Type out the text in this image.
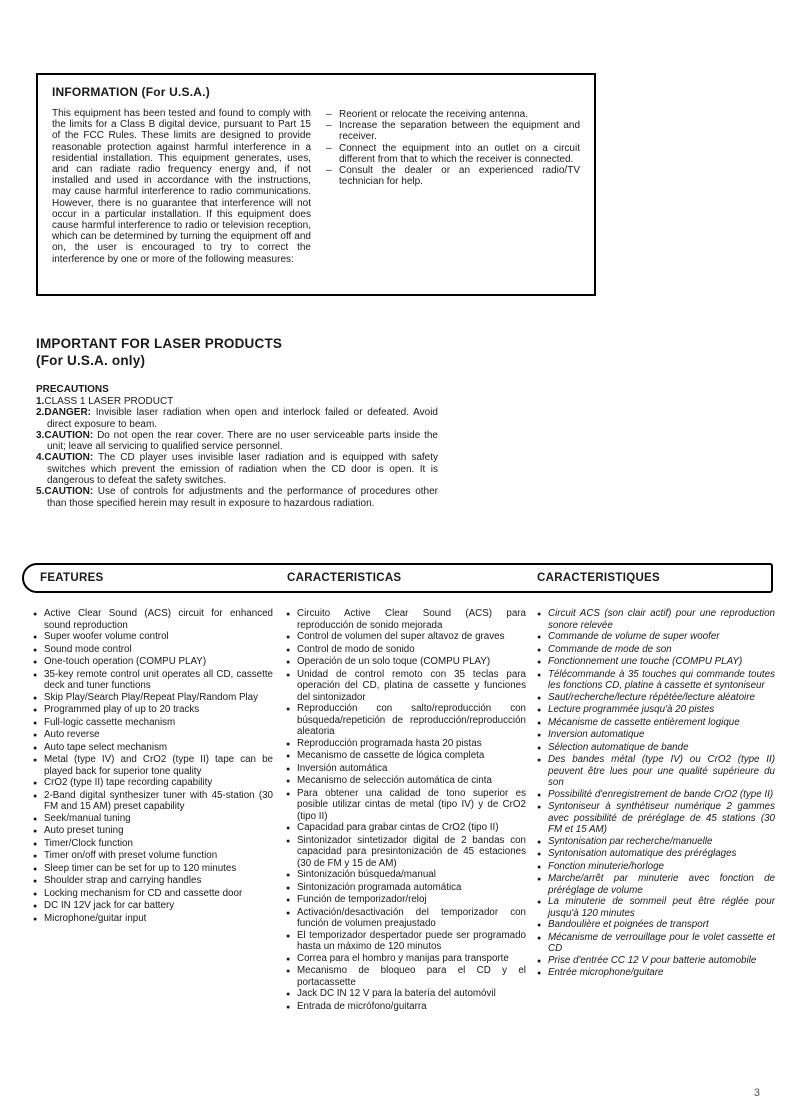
INFORMATION (For U.S.A.)

This equipment has been tested and found to comply with the limits for a Class B digital device, pursuant to Part 15 of the FCC Rules. These limits are designed to provide reasonable protection against harmful interference in a residential installation. This equipment generates, uses, and can radiate radio frequency energy and, if not installed and used in accordance with the instructions, may cause harmful interference to radio communications. However, there is no guarantee that interference will not occur in a particular installation. If this equipment does cause harmful interference to radio or television reception, which can be determined by turning the equipment off and on, the user is encouraged to try to correct the interference by one or more of the following measures:

– Reorient or relocate the receiving antenna.
– Increase the separation between the equipment and receiver.
– Connect the equipment into an outlet on a circuit different from that to which the receiver is connected.
– Consult the dealer or an experienced radio/TV technician for help.
IMPORTANT FOR LASER PRODUCTS
(For U.S.A. only)
PRECAUTIONS
1.CLASS 1 LASER PRODUCT
2.DANGER: Invisible laser radiation when open and interlock failed or defeated. Avoid direct exposure to beam.
3.CAUTION: Do not open the rear cover. There are no user serviceable parts inside the unit; leave all servicing to qualified service personnel.
4.CAUTION: The CD player uses invisible laser radiation and is equipped with safety switches which prevent the emission of radiation when the CD door is open. It is dangerous to defeat the safety switches.
5.CAUTION: Use of controls for adjustments and the performance of procedures other than those specified herein may result in exposure to hazardous radiation.
FEATURES	CARACTERISTICAS	CARACTERISTIQUES
● Active Clear Sound (ACS) circuit for enhanced sound reproduction
● Super woofer volume control
● Sound mode control
● One-touch operation (COMPU PLAY)
● 35-key remote control unit operates all CD, cassette deck and tuner functions
● Skip Play/Search Play/Repeat Play/Random Play
● Programmed play of up to 20 tracks
● Full-logic cassette mechanism
● Auto reverse
● Auto tape select mechanism
● Metal (type IV) and CrO2 (type II) tape can be played back for superior tone quality
● CrO2 (type II) tape recording capability
● 2-Band digital synthesizer tuner with 45-station (30 FM and 15 AM) preset capability
● Seek/manual tuning
● Auto preset tuning
● Timer/Clock function
● Timer on/off with preset volume function
● Sleep timer can be set for up to 120 minutes
● Shoulder strap and carrying handles
● Locking mechanism for CD and cassette door
● DC IN 12V jack for car battery
● Microphone/guitar input
● Circuito Active Clear Sound (ACS) para reproducción de sonido mejorada
● Control de volumen del super altavoz de graves
● Control de modo de sonido
● Operación de un solo toque (COMPU PLAY)
● Unidad de control remoto con 35 teclas para operación del CD, platina de cassette y funciones del sintonizador
● Reproducción con salto/reproducción con búsqueda/repetición de reproducción/reproducción aleatoria
● Reproducción programada hasta 20 pistas
● Mecanismo de cassette de lógica completa
● Inversión automática
● Mecanismo de selección automática de cinta
● Para obtener una calidad de tono superior es posible utilizar cintas de metal (tipo IV) y de CrO2 (tipo II)
● Capacidad para grabar cintas de CrO2 (tipo II)
● Sintonizador sintetizador digital de 2 bandas con capacidad para presintonización de 45 estaciones (30 de FM y 15 de AM)
● Sintonización búsqueda/manual
● Sintonización programada automática
● Función de temporizador/reloj
● Activación/desactivación del temporizador con función de volumen preajustado
● El temporizador despertador puede ser programado hasta un máximo de 120 minutos
● Correa para el hombro y manijas para transporte
● Mecanismo de bloqueo para el CD y el portacassette
● Jack DC IN 12 V para la batería del automóvil
● Entrada de micrófono/guitarra
● Circuit ACS (son clair actif) pour une reproduction sonore relevée
● Commande de volume de super woofer
● Commande de mode de son
● Fonctionnement une touche (COMPU PLAY)
● Télécommande à 35 touches qui commande toutes les fonctions CD, platine à cassette et syntoniseur
● Saut/recherche/lecture répétée/lecture aléatoire
● Lecture programmée jusqu'à 20 pistes
● Mécanisme de cassette entièrement logique
● Inversion automatique
● Sélection automatique de bande
● Des bandes métal (type IV) ou CrO2 (type II) peuvent être lues pour une qualité supérieure du son
● Possibilité d'enregistrement de bande CrO2 (type II)
● Syntoniseur à synthétiseur numérique 2 gammes avec possibilité de préréglage de 45 stations (30 FM et 15 AM)
● Syntonisation par recherche/manuelle
● Syntonisation automatique des préréglages
● Fonction minuterie/horloge
● Marche/arrêt par minuterie avec fonction de préréglage de volume
● La minuterie de sommeil peut être réglée pour jusqu'à 120 minutes
● Bandoulière et poignées de transport
● Mécanisme de verrouillage pour le volet cassette et CD
● Prise d'entrée CC 12 V pour batterie automobile
● Entrée microphone/guitare
3
